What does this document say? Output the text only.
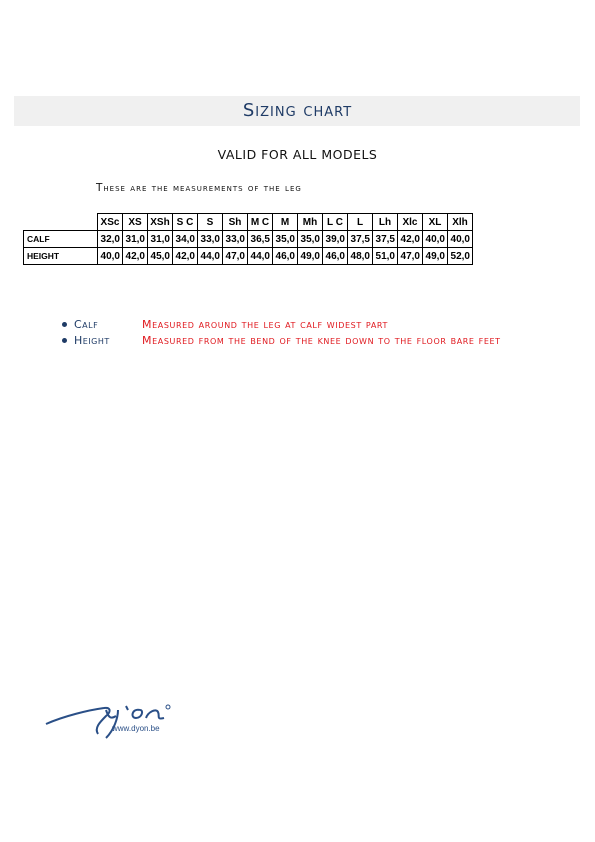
Sizing chart
VALID FOR ALL MODELS
These are the measurements of the leg
	XSc	XS	XSh	S C	S	Sh	M C	M	Mh	L C	L	Lh	Xlc	XL	Xlh
CALF	32,0	31,0	31,0	34,0	33,0	33,0	36,5	35,0	35,0	39,0	37,5	37,5	42,0	40,0	40,0
HEIGHT	40,0	42,0	45,0	42,0	44,0	47,0	44,0	46,0	49,0	46,0	48,0	51,0	47,0	49,0	52,0
Calf	Measured around the leg at calf widest part
Height	Measured from the bend of the knee down to the floor bare feet
www.dyon.be
